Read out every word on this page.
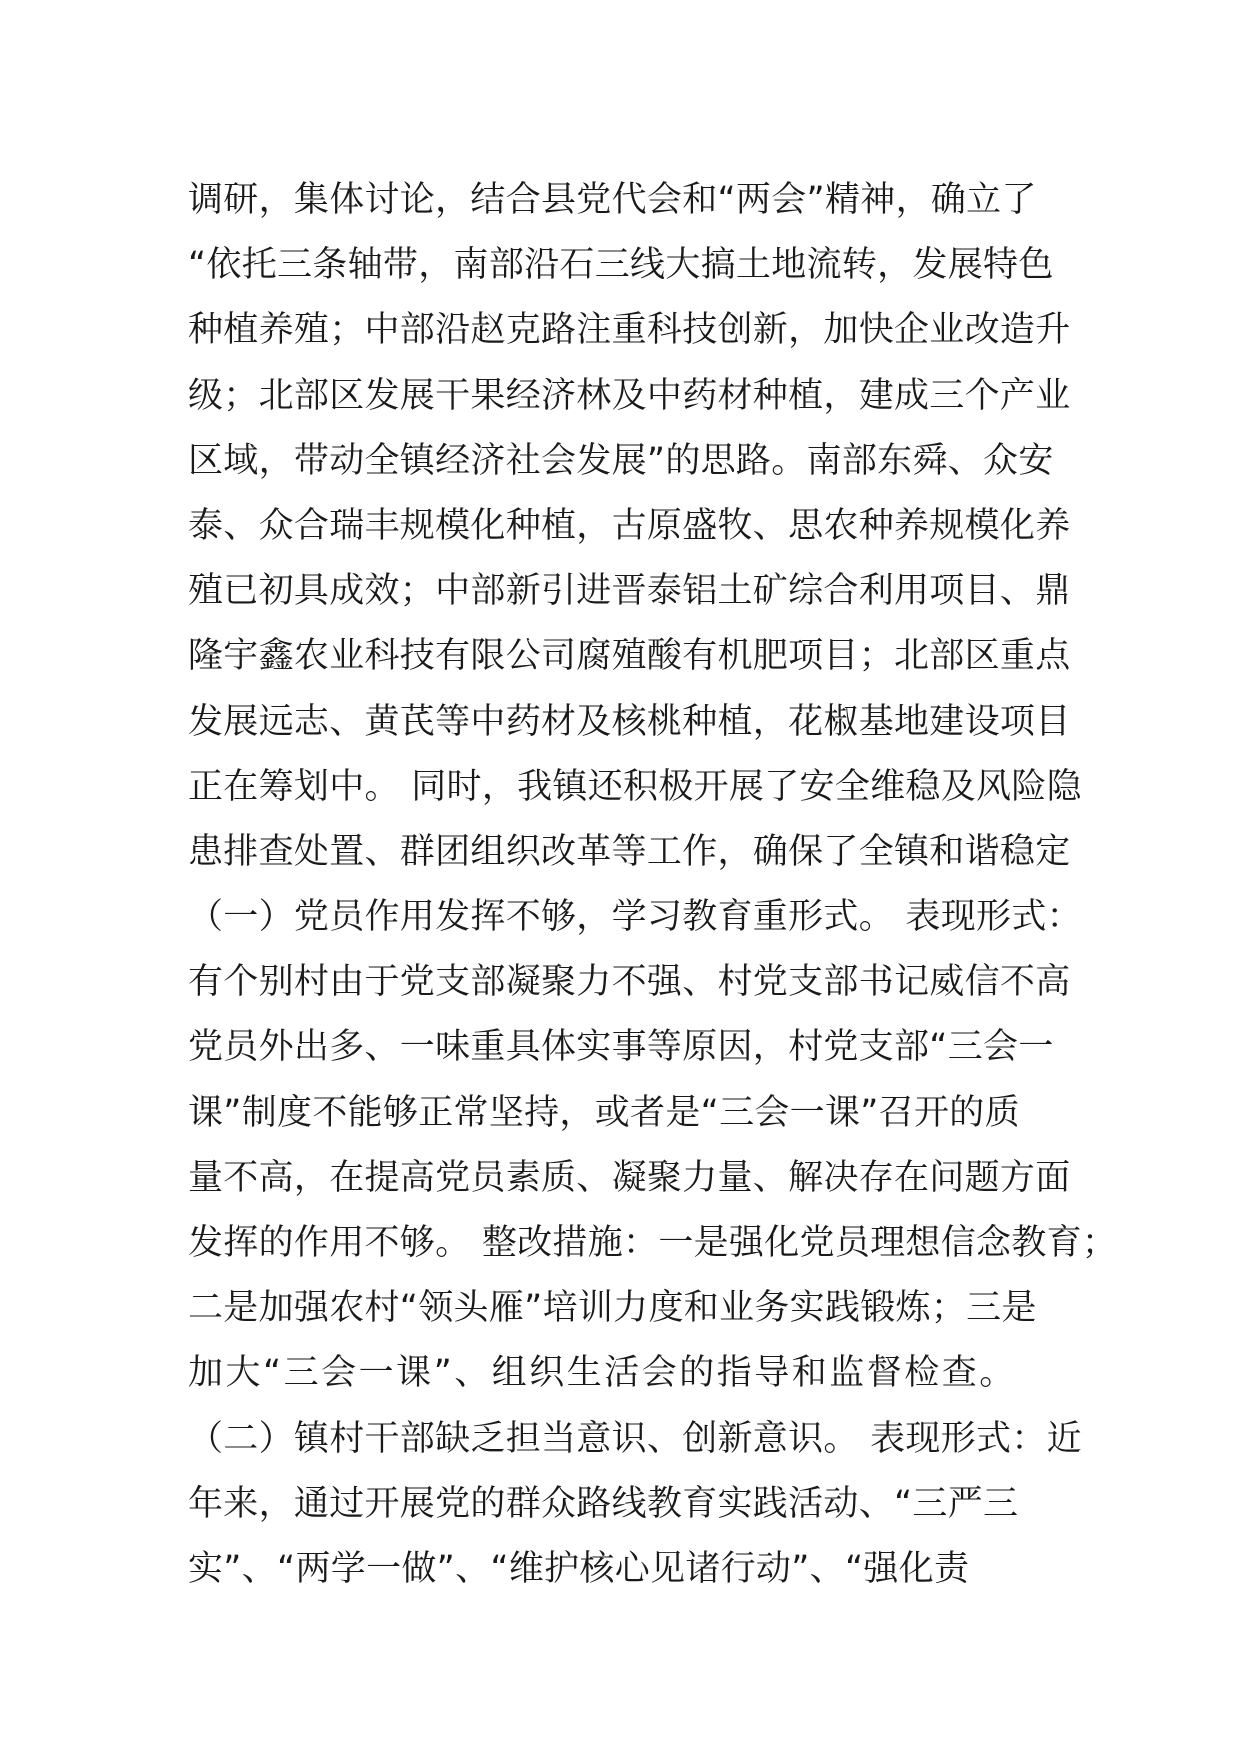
调研，集体讨论，结合县党代会和“两会”精神，确立了
“依托三条轴带，南部沿石三线大搞土地流转，发展特色
种植养殖；中部沿赵克路注重科技创新，加快企业改造升
级；北部区发展干果经济林及中药材种植，建成三个产业
区域，带动全镇经济社会发展”的思路。南部东舜、众安
泰、众合瑞丰规模化种植，古原盛牧、思农种养规模化养
殖已初具成效；中部新引进晋泰铝土矿综合利用项目、鼎
隆宇鑫农业科技有限公司腐殖酸有机肥项目；北部区重点
发展远志、黄芪等中药材及核桃种植，花椒基地建设项目
正在筹划中。 同时，我镇还积极开展了安全维稳及风险隐
患排查处置、群团组织改革等工作，确保了全镇和谐稳定
（一）党员作用发挥不够，学习教育重形式。 表现形式：
有个别村由于党支部凝聚力不强、村党支部书记威信不高
党员外出多、一味重具体实事等原因，村党支部“三会一
课”制度不能够正常坚持，或者是“三会一课”召开的质
量不高，在提高党员素质、凝聚力量、解决存在问题方面
发挥的作用不够。 整改措施：一是强化党员理想信念教育；
二是加强农村“领头雁”培训力度和业务实践锻炼；三是
加大“三会一课”、组织生活会的指导和监督检查。
（二）镇村干部缺乏担当意识、创新意识。 表现形式：近
年来，通过开展党的群众路线教育实践活动、“三严三
实”、“两学一做”、“维护核心见诸行动”、“强化责
